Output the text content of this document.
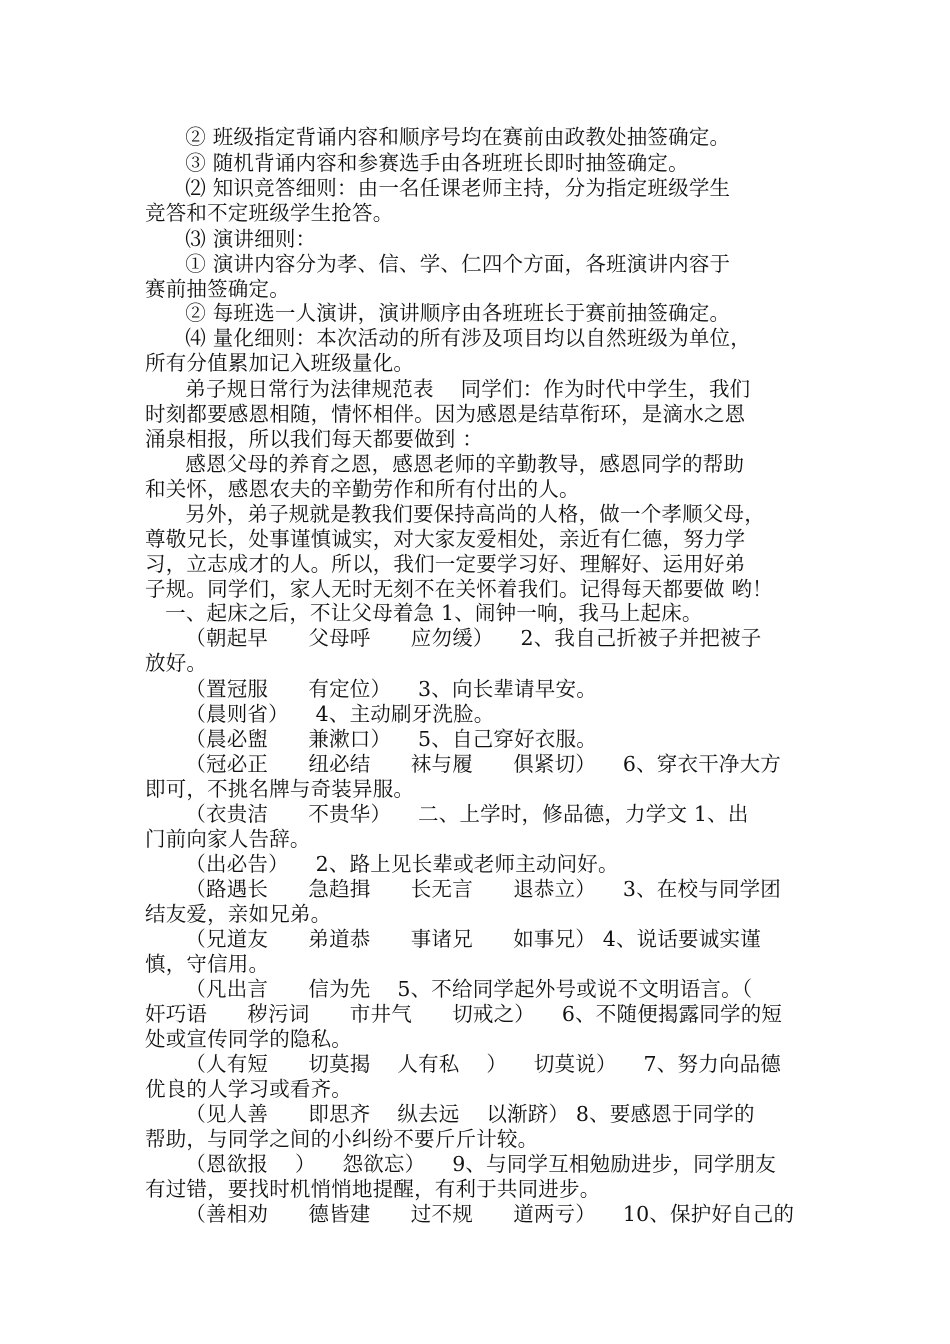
② 班级指定背诵内容和顺序号均在赛前由政教处抽签确定。
③ 随机背诵内容和参赛选手由各班班长即时抽签确定。
⑵ 知识竞答细则：由一名任课老师主持，分为指定班级学生
竞答和不定班级学生抢答。
⑶ 演讲细则：
① 演讲内容分为孝、信、学、仁四个方面，各班演讲内容于
赛前抽签确定。
② 每班选一人演讲，演讲顺序由各班班长于赛前抽签确定。
⑷ 量化细则：本次活动的所有涉及项目均以自然班级为单位，
所有分值累加记入班级量化。
弟子规日常行为法律规范表    同学们：作为时代中学生，我们
时刻都要感恩相随，情怀相伴。因为感恩是结草衔环，是滴水之恩
涌泉相报，所以我们每天都要做到 ：
感恩父母的养育之恩，感恩老师的辛勤教导，感恩同学的帮助
和关怀，感恩农夫的辛勤劳作和所有付出的人。
另外，弟子规就是教我们要保持高尚的人格，做一个孝顺父母，
尊敬兄长，处事谨慎诚实，对大家友爱相处，亲近有仁德，努力学
习，立志成才的人。所以，我们一定要学习好、理解好、运用好弟
子规。同学们，家人无时无刻不在关怀着我们。记得每天都要做 哟！
一、起床之后，不让父母着急 1、闹钟一响，我马上起床。
（朝起早      父母呼      应勿缓）    2、我自己折被子并把被子
放好。
（置冠服      有定位）    3、向长辈请早安。
（晨则省）    4、主动刷牙洗脸。
（晨必盥      兼漱口）    5、自己穿好衣服。
（冠必正      纽必结      袜与履      俱紧切）    6、穿衣干净大方
即可，不挑名牌与奇装异服。
（衣贵洁      不贵华）    二、上学时，修品德，力学文 1、出
门前向家人告辞。
（出必告）    2、路上见长辈或老师主动问好。
（路遇长      急趋揖      长无言      退恭立）    3、在校与同学团
结友爱，亲如兄弟。
（兄道友      弟道恭      事诸兄      如事兄） 4、说话要诚实谨
慎，守信用。
（凡出言      信为先    5、不给同学起外号或说不文明语言。（
奸巧语      秽污词      市井气      切戒之）    6、不随便揭露同学的短
处或宣传同学的隐私。
（人有短      切莫揭    人有私    ）    切莫说）    7、努力向品德
优良的人学习或看齐。
（见人善      即思齐    纵去远    以渐跻） 8、要感恩于同学的
帮助，与同学之间的小纠纷不要斤斤计较。
（恩欲报    ）    怨欲忘）    9、与同学互相勉励进步，同学朋友
有过错，要找时机悄悄地提醒，有利于共同进步。
（善相劝      德皆建      过不规      道两亏）    10、保护好自己的
